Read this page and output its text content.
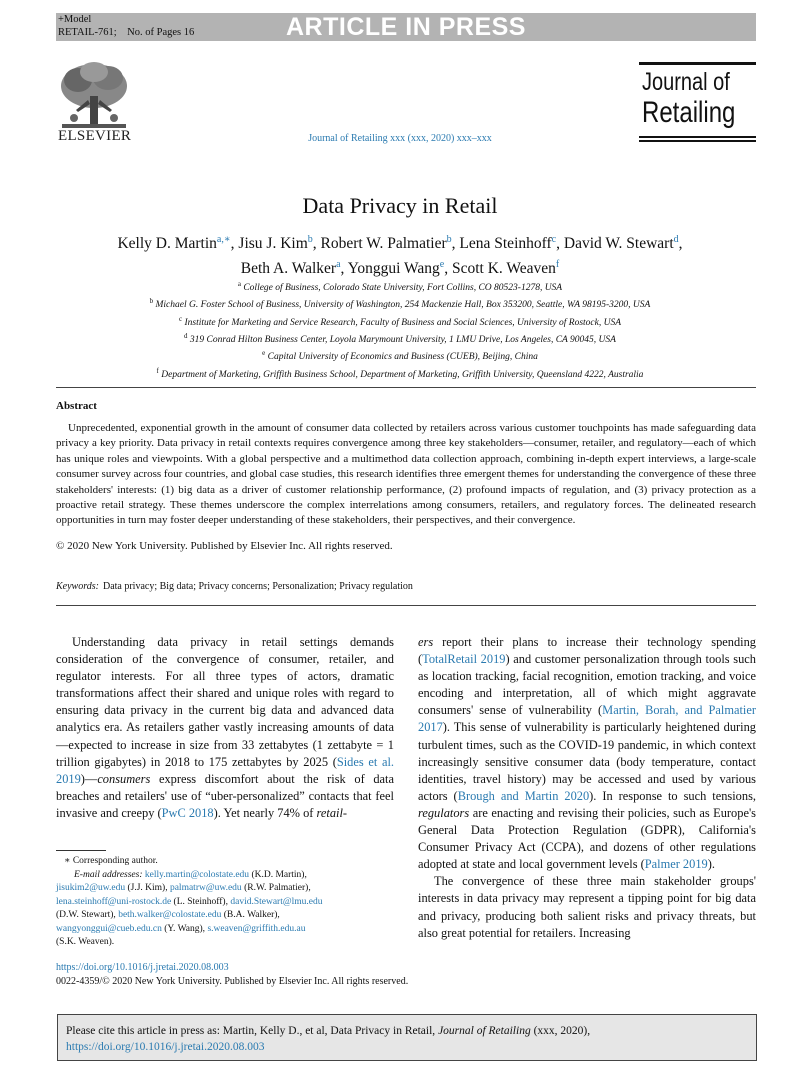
ARTICLE IN PRESS
+Model
RETAIL-761;    No. of Pages 16
ELSEVIER	Journal of Retailing xxx (xxx, 2020) xxx–xxx
Journal of
Retailing
Data Privacy in Retail
Kelly D. Martin$^{a,∗}$, Jisu J. Kim$^b$, Robert W. Palmatier$^b$, Lena Steinhoff$^c$, David W. Stewart$^d$,
Beth A. Walker$^a$, Yonggui Wang$^e$, Scott K. Weaven$^f$
$^a$ College of Business, Colorado State University, Fort Collins, CO 80523-1278, USA
$^b$ Michael G. Foster School of Business, University of Washington, 254 Mackenzie Hall, Box 353200, Seattle, WA 98195-3200, USA
$^c$ Institute for Marketing and Service Research, Faculty of Business and Social Sciences, University of Rostock, USA
$^d$ 319 Conrad Hilton Business Center, Loyola Marymount University, 1 LMU Drive, Los Angeles, CA 90045, USA
$^e$ Capital University of Economics and Business (CUEB), Beijing, China
$^f$ Department of Marketing, Griffith Business School, Department of Marketing, Griffith University, Queensland 4222, Australia
Abstract
Unprecedented, exponential growth in the amount of consumer data collected by retailers across various customer touchpoints has made safeguarding data privacy a key priority. Data privacy in retail contexts requires convergence among three key stakeholders—consumer, retailer, and regulatory—each of which has unique roles and viewpoints. With a global perspective and a multimethod data collection approach, combining in-depth expert interviews, a large-scale consumer survey across four countries, and global case studies, this research identifies three emergent themes for understanding the convergence of these three stakeholders' interests: (1) big data as a driver of customer relationship performance, (2) profound impacts of regulation, and (3) privacy protection as a proactive retail strategy. These themes underscore the complex interrelations among consumers, retailers, and regulatory forces. The delineated research opportunities in turn may foster deeper understanding of these stakeholders, their perspectives, and their convergence.
© 2020 New York University. Published by Elsevier Inc. All rights reserved.
Keywords: Data privacy; Big data; Privacy concerns; Personalization; Privacy regulation

Understanding data privacy in retail settings demands consideration of the convergence of consumer, retailer, and regulator interests. For all three types of actors, dramatic transformations affect their shared and unique roles with regard to ensuring data privacy in the current big data and advanced data analytics era. As retailers gather vastly increasing amounts of data—expected to increase in size from 33 zettabytes (1 zettabyte = 1 trillion gigabytes) in 2018 to 175 zettabytes by 2025 (Sides et al. 2019)—consumers express discomfort about the risk of data breaches and retailers' use of “uber-personalized” contacts that feel invasive and creepy (PwC 2018). Yet nearly 74% of retail-

ers report their plans to increase their technology spending (TotalRetail 2019) and customer personalization through tools such as location tracking, facial recognition, emotion tracking, and voice encoding and interpretation, all of which might aggravate consumers' sense of vulnerability (Martin, Borah, and Palmatier 2017). This sense of vulnerability is particularly heightened during turbulent times, such as the COVID-19 pandemic, in which context increasingly sensitive consumer data (body temperature, contact identities, travel history) may be accessed and used by various actors (Brough and Martin 2020). In response to such tensions, regulators are enacting and revising their policies, such as Europe's General Data Protection Regulation (GDPR), California's Consumer Privacy Act (CCPA), and dozens of other regulations adopted at state and local government levels (Palmer 2019).

The convergence of these three main stakeholder groups' interests in data privacy may represent a tipping point for big data and privacy, producing both salient risks and privacy threats, but also great potential for retailers. Increasing

∗ Corresponding author.
E-mail addresses: kelly.martin@colostate.edu (K.D. Martin),
jisukim2@uw.edu (J.J. Kim), palmatrw@uw.edu (R.W. Palmatier),
lena.steinhoff@uni-rostock.de (L. Steinhoff), david.Stewart@lmu.edu
(D.W. Stewart), beth.walker@colostate.edu (B.A. Walker),
wangyonggui@cueb.edu.cn (Y. Wang), s.weaven@griffith.edu.au
(S.K. Weaven).
https://doi.org/10.1016/j.jretai.2020.08.003
0022-4359/© 2020 New York University. Published by Elsevier Inc. All rights reserved.
Please cite this article in press as: Martin, Kelly D., et al, Data Privacy in Retail, Journal of Retailing (xxx, 2020),
https://doi.org/10.1016/j.jretai.2020.08.003
